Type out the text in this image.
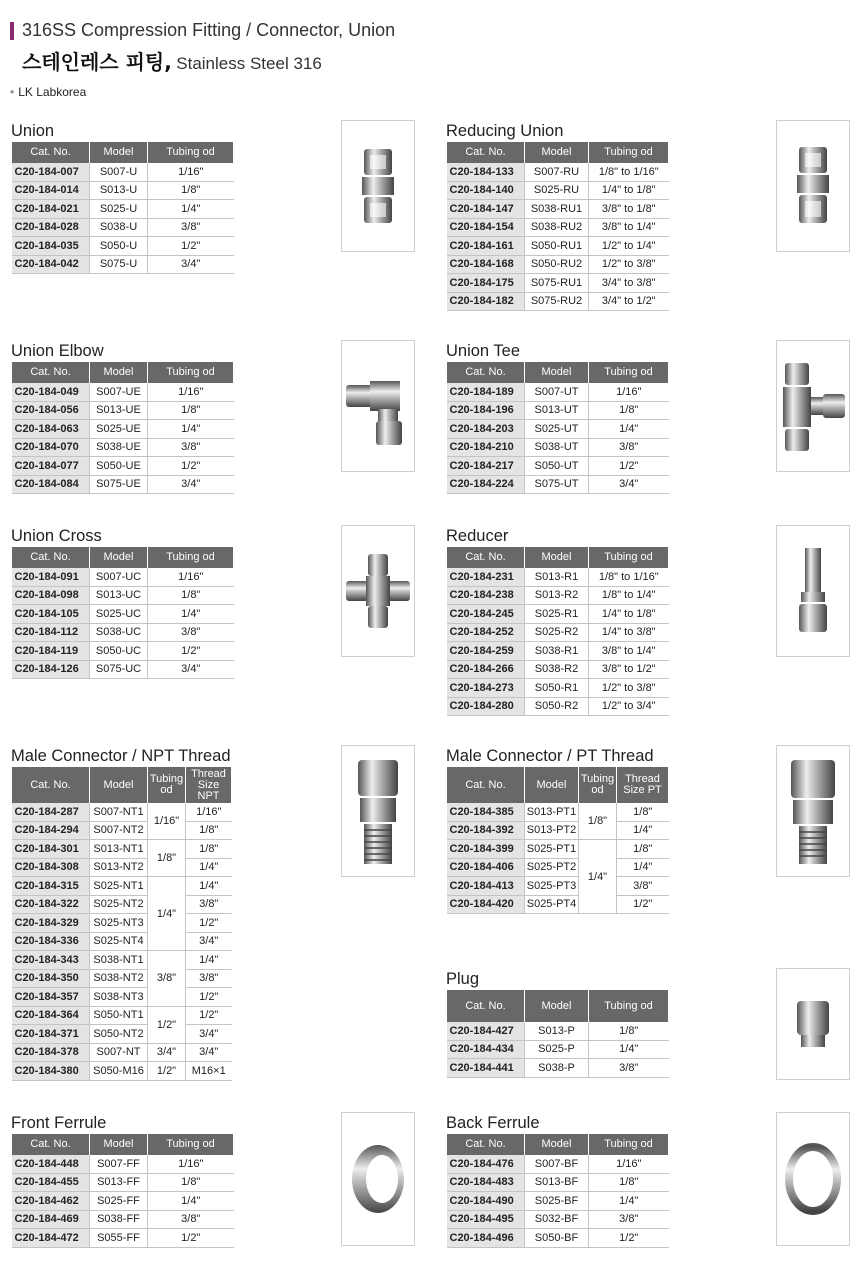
316SS Compression Fitting / Connector, Union
스테인레스 피팅, Stainless Steel 316
• LK Labkorea
Union
Cat. No.	Model	Tubing od
C20-184-007	S007-U	1/16"
C20-184-014	S013-U	1/8"
C20-184-021	S025-U	1/4"
C20-184-028	S038-U	3/8"
C20-184-035	S050-U	1/2"
C20-184-042	S075-U	3/4"
Reducing Union
Cat. No.	Model	Tubing od
C20-184-133	S007-RU	1/8" to 1/16"
C20-184-140	S025-RU	1/4" to 1/8"
C20-184-147	S038-RU1	3/8" to 1/8"
C20-184-154	S038-RU2	3/8" to 1/4"
C20-184-161	S050-RU1	1/2" to 1/4"
C20-184-168	S050-RU2	1/2" to 3/8"
C20-184-175	S075-RU1	3/4" to 3/8"
C20-184-182	S075-RU2	3/4" to 1/2"
Union Elbow
Cat. No.	Model	Tubing od
C20-184-049	S007-UE	1/16"
C20-184-056	S013-UE	1/8"
C20-184-063	S025-UE	1/4"
C20-184-070	S038-UE	3/8"
C20-184-077	S050-UE	1/2"
C20-184-084	S075-UE	3/4"
Union Tee
Cat. No.	Model	Tubing od
C20-184-189	S007-UT	1/16"
C20-184-196	S013-UT	1/8"
C20-184-203	S025-UT	1/4"
C20-184-210	S038-UT	3/8"
C20-184-217	S050-UT	1/2"
C20-184-224	S075-UT	3/4"
Union Cross
Cat. No.	Model	Tubing od
C20-184-091	S007-UC	1/16"
C20-184-098	S013-UC	1/8"
C20-184-105	S025-UC	1/4"
C20-184-112	S038-UC	3/8"
C20-184-119	S050-UC	1/2"
C20-184-126	S075-UC	3/4"
Reducer
Cat. No.	Model	Tubing od
C20-184-231	S013-R1	1/8" to 1/16"
C20-184-238	S013-R2	1/8" to 1/4"
C20-184-245	S025-R1	1/4" to 1/8"
C20-184-252	S025-R2	1/4" to 3/8"
C20-184-259	S038-R1	3/8" to 1/4"
C20-184-266	S038-R2	3/8" to 1/2"
C20-184-273	S050-R1	1/2" to 3/8"
C20-184-280	S050-R2	1/2" to 3/4"
Male Connector / NPT Thread
Cat. No.	Model	Tubing od	Thread Size NPT
C20-184-287	S007-NT1	1/16"	1/16"
C20-184-294	S007-NT2		1/8"
C20-184-301	S013-NT1	1/8"	1/8"
C20-184-308	S013-NT2		1/4"
C20-184-315	S025-NT1	1/4"	1/4"
C20-184-322	S025-NT2		3/8"
C20-184-329	S025-NT3		1/2"
C20-184-336	S025-NT4		3/4"
C20-184-343	S038-NT1	3/8"	1/4"
C20-184-350	S038-NT2		3/8"
C20-184-357	S038-NT3		1/2"
C20-184-364	S050-NT1	1/2"	1/2"
C20-184-371	S050-NT2		3/4"
C20-184-378	S007-NT	3/4"	3/4"
C20-184-380	S050-M16	1/2"	M16×1
Male Connector / PT Thread
Cat. No.	Model	Tubing od	Thread Size PT
C20-184-385	S013-PT1	1/8"	1/8"
C20-184-392	S013-PT2		1/4"
C20-184-399	S025-PT1	1/4"	1/8"
C20-184-406	S025-PT2		1/4"
C20-184-413	S025-PT3		3/8"
C20-184-420	S025-PT4		1/2"
Plug
Cat. No.	Model	Tubing od
C20-184-427	S013-P	1/8"
C20-184-434	S025-P	1/4"
C20-184-441	S038-P	3/8"
Front Ferrule
Cat. No.	Model	Tubing od
C20-184-448	S007-FF	1/16"
C20-184-455	S013-FF	1/8"
C20-184-462	S025-FF	1/4"
C20-184-469	S038-FF	3/8"
C20-184-472	S055-FF	1/2"
Back Ferrule
Cat. No.	Model	Tubing od
C20-184-476	S007-BF	1/16"
C20-184-483	S013-BF	1/8"
C20-184-490	S025-BF	1/4"
C20-184-495	S032-BF	3/8"
C20-184-496	S050-BF	1/2"
